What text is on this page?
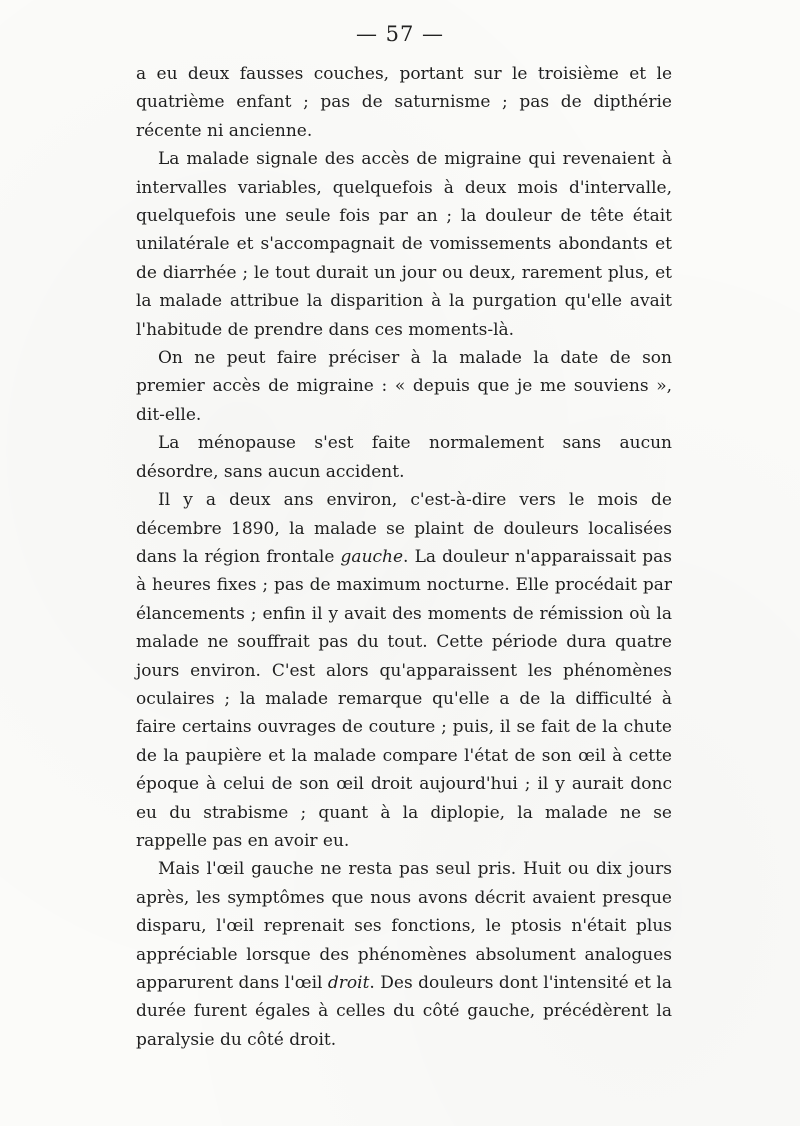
— 57 —

a eu deux fausses couches, portant sur le troisième et le quatrième enfant ; pas de saturnisme ; pas de dipthérie récente ni ancienne.

La malade signale des accès de migraine qui revenaient à intervalles variables, quelquefois à deux mois d'intervalle, quelquefois une seule fois par an ; la douleur de tête était unilatérale et s'accompagnait de vomissements abondants et de diarrhée ; le tout durait un jour ou deux, rarement plus, et la malade attribue la disparition à la purgation qu'elle avait l'habitude de prendre dans ces moments-là.

On ne peut faire préciser à la malade la date de son premier accès de migraine : « depuis que je me souviens », dit-elle.

La ménopause s'est faite normalement sans aucun désordre, sans aucun accident.

Il y a deux ans environ, c'est-à-dire vers le mois de décembre 1890, la malade se plaint de douleurs localisées dans la région frontale gauche. La douleur n'apparaissait pas à heures fixes ; pas de maximum nocturne. Elle procédait par élancements ; enfin il y avait des moments de rémission où la malade ne souffrait pas du tout. Cette période dura quatre jours environ. C'est alors qu'apparaissent les phénomènes oculaires ; la malade remarque qu'elle a de la difficulté à faire certains ouvrages de couture ; puis, il se fait de la chute de la paupière et la malade compare l'état de son œil à cette époque à celui de son œil droit aujourd'hui ; il y aurait donc eu du strabisme ; quant à la diplopie, la malade ne se rappelle pas en avoir eu.

Mais l'œil gauche ne resta pas seul pris. Huit ou dix jours après, les symptômes que nous avons décrit avaient presque disparu, l'œil reprenait ses fonctions, le ptosis n'était plus appréciable lorsque des phénomènes absolument analogues apparurent dans l'œil droit. Des douleurs dont l'intensité et la durée furent égales à celles du côté gauche, précédèrent la paralysie du côté droit.
